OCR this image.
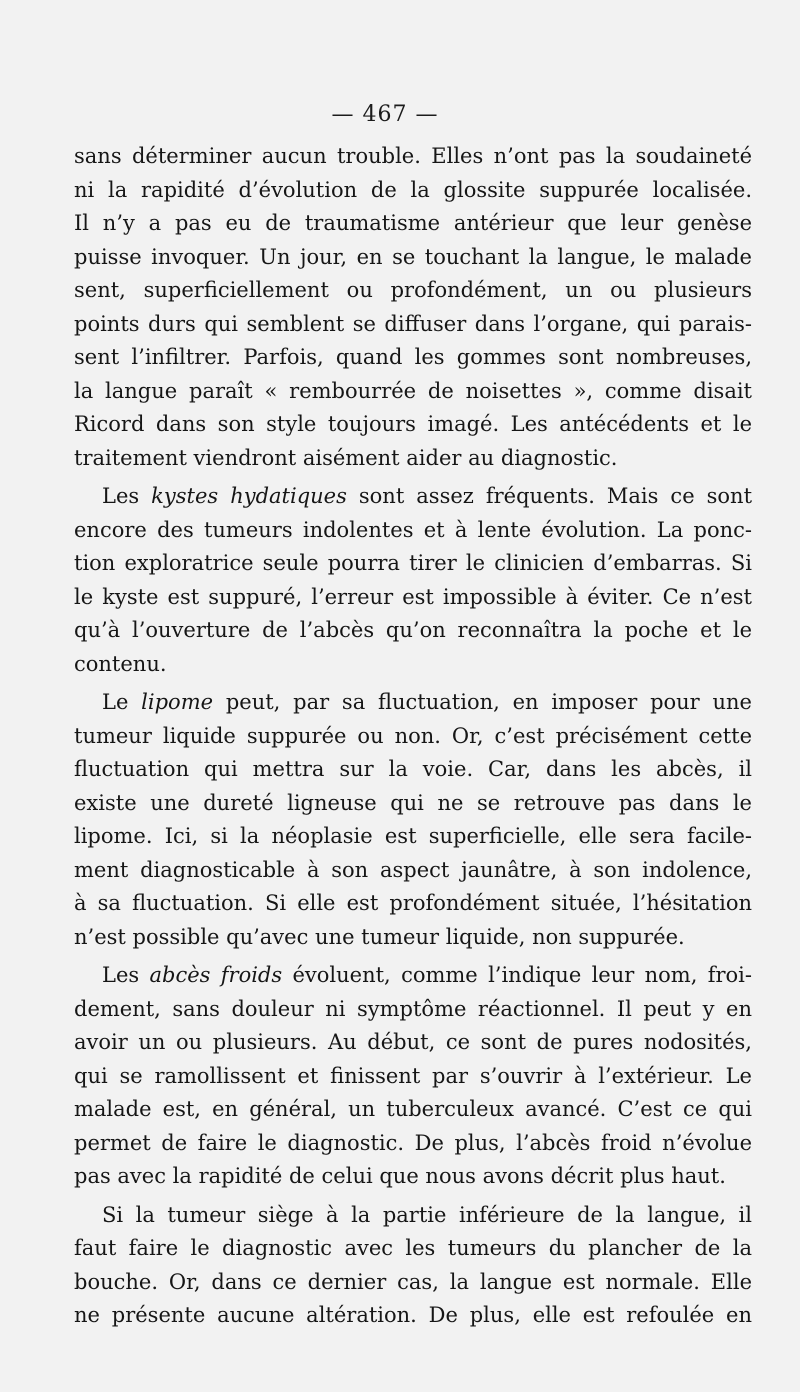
— 467 —
sans déterminer aucun trouble. Elles n’ont pas la soudaineté
ni la rapidité d’évolution de la glossite suppurée localisée.
Il n’y a pas eu de traumatisme antérieur que leur genèse
puisse invoquer. Un jour, en se touchant la langue, le malade
sent, superficiellement ou profondément, un ou plusieurs
points durs qui semblent se diffuser dans l’organe, qui parais-
sent l’infiltrer. Parfois, quand les gommes sont nombreuses,
la langue paraît « rembourrée de noisettes », comme disait
Ricord dans son style toujours imagé. Les antécédents et le
traitement viendront aisément aider au diagnostic.
Les kystes hydatiques sont assez fréquents. Mais ce sont
encore des tumeurs indolentes et à lente évolution. La ponc-
tion exploratrice seule pourra tirer le clinicien d’embarras. Si
le kyste est suppuré, l’erreur est impossible à éviter. Ce n’est
qu’à l’ouverture de l’abcès qu’on reconnaîtra la poche et le
contenu.
Le lipome peut, par sa fluctuation, en imposer pour une
tumeur liquide suppurée ou non. Or, c’est précisément cette
fluctuation qui mettra sur la voie. Car, dans les abcès, il
existe une dureté ligneuse qui ne se retrouve pas dans le
lipome. Ici, si la néoplasie est superficielle, elle sera facile-
ment diagnosticable à son aspect jaunâtre, à son indolence,
à sa fluctuation. Si elle est profondément située, l’hésitation
n’est possible qu’avec une tumeur liquide, non suppurée.
Les abcès froids évoluent, comme l’indique leur nom, froi-
dement, sans douleur ni symptôme réactionnel. Il peut y en
avoir un ou plusieurs. Au début, ce sont de pures nodosités,
qui se ramollissent et finissent par s’ouvrir à l’extérieur. Le
malade est, en général, un tuberculeux avancé. C’est ce qui
permet de faire le diagnostic. De plus, l’abcès froid n’évolue
pas avec la rapidité de celui que nous avons décrit plus haut.
Si la tumeur siège à la partie inférieure de la langue, il
faut faire le diagnostic avec les tumeurs du plancher de la
bouche. Or, dans ce dernier cas, la langue est normale. Elle
ne présente aucune altération. De plus, elle est refoulée en
